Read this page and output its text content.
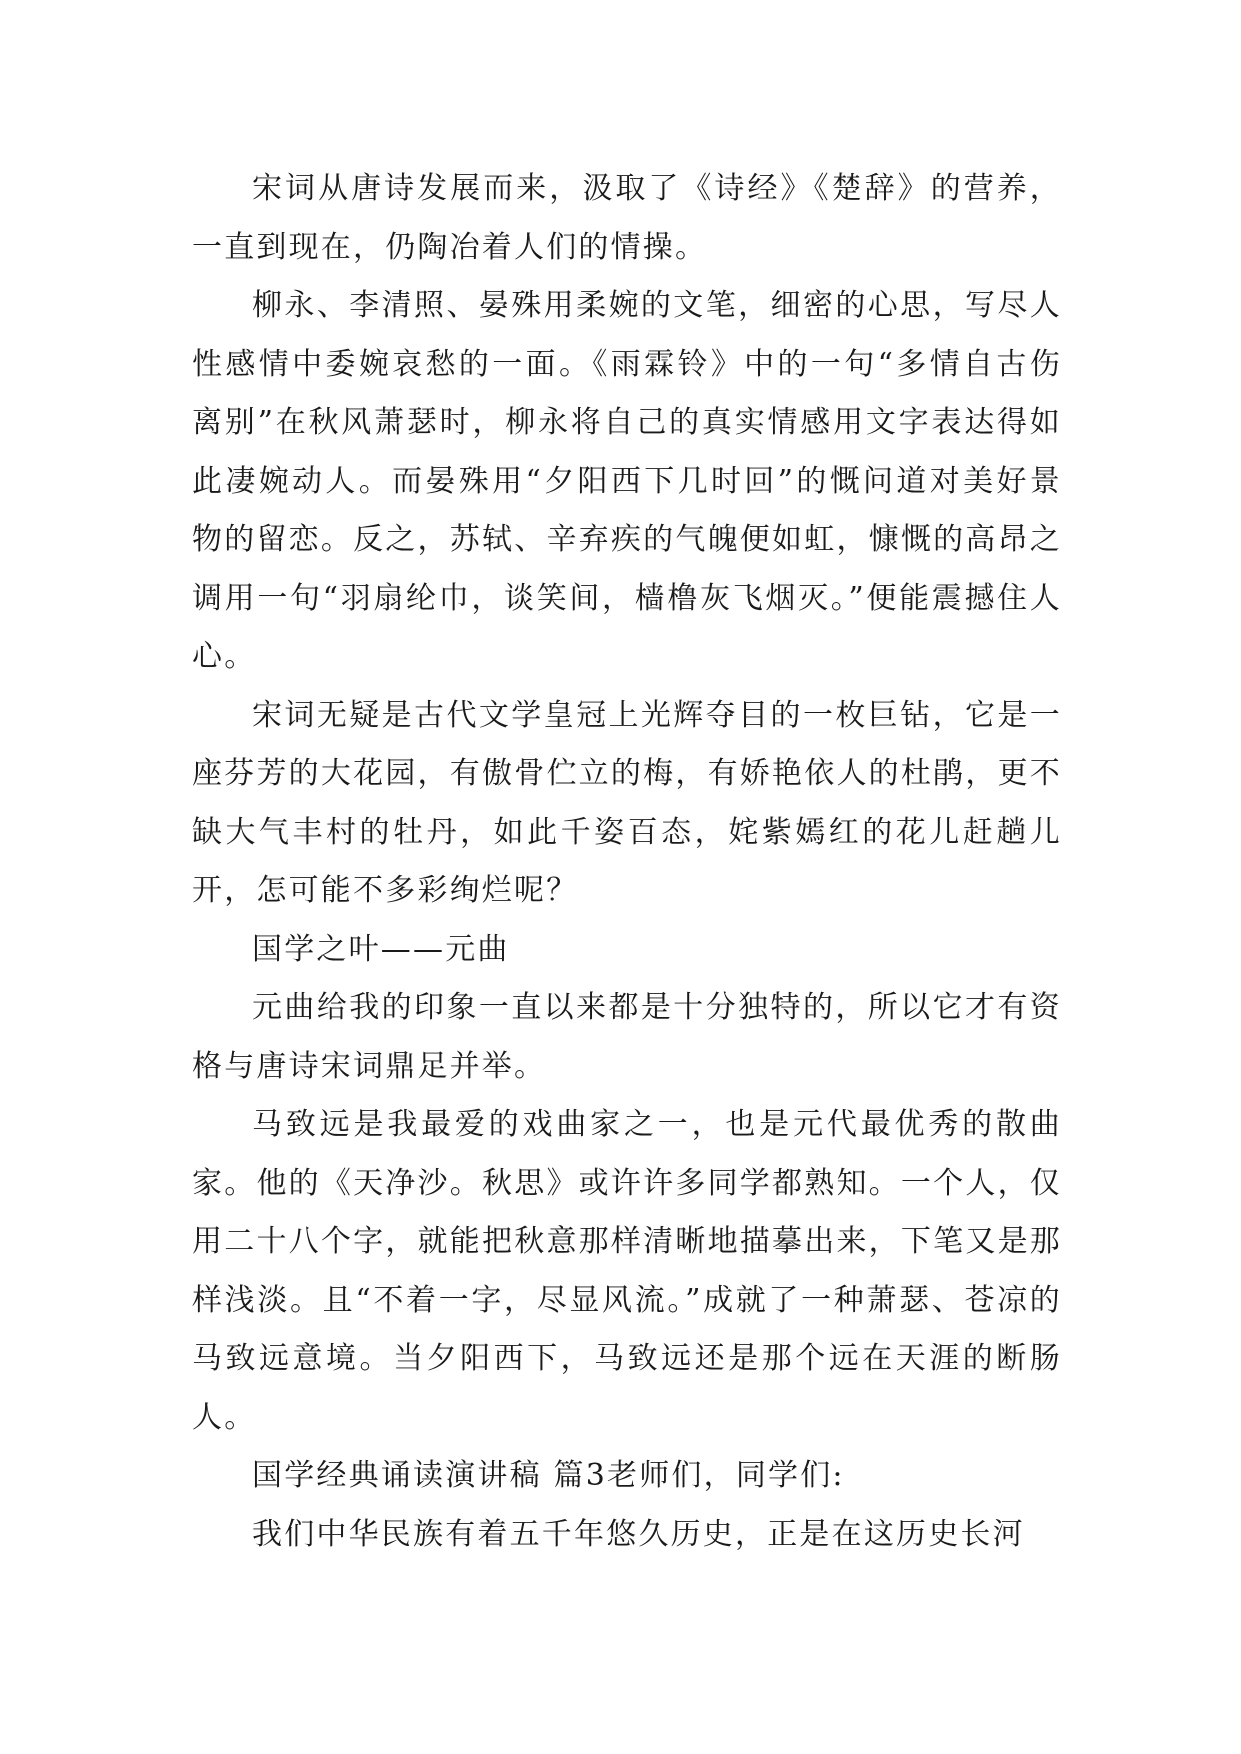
宋词从唐诗发展而来，汲取了《诗经》《楚辞》的营养，一直到现在，仍陶冶着人们的情操。

柳永、李清照、晏殊用柔婉的文笔，细密的心思，写尽人性感情中委婉哀愁的一面。《雨霖铃》中的一句“多情自古伤离别”在秋风萧瑟时，柳永将自己的真实情感用文字表达得如此凄婉动人。而晏殊用“夕阳西下几时回”的慨问道对美好景物的留恋。反之，苏轼、辛弃疾的气魄便如虹，慷慨的高昂之调用一句“羽扇纶巾，谈笑间，樯橹灰飞烟灭。”便能震撼住人心。

宋词无疑是古代文学皇冠上光辉夺目的一枚巨钻，它是一座芬芳的大花园，有傲骨伫立的梅，有娇艳依人的杜鹃，更不缺大气丰村的牡丹，如此千姿百态，姹紫嫣红的花儿赶趟儿开，怎可能不多彩绚烂呢？

国学之叶——元曲

元曲给我的印象一直以来都是十分独特的，所以它才有资格与唐诗宋词鼎足并举。

马致远是我最爱的戏曲家之一，也是元代最优秀的散曲家。他的《天净沙。秋思》或许许多同学都熟知。一个人，仅用二十八个字，就能把秋意那样清晰地描摹出来，下笔又是那样浅淡。且“不着一字，尽显风流。”成就了一种萧瑟、苍凉的马致远意境。当夕阳西下，马致远还是那个远在天涯的断肠人。

国学经典诵读演讲稿 篇3老师们，同学们:

我们中华民族有着五千年悠久历史，正是在这历史长河
